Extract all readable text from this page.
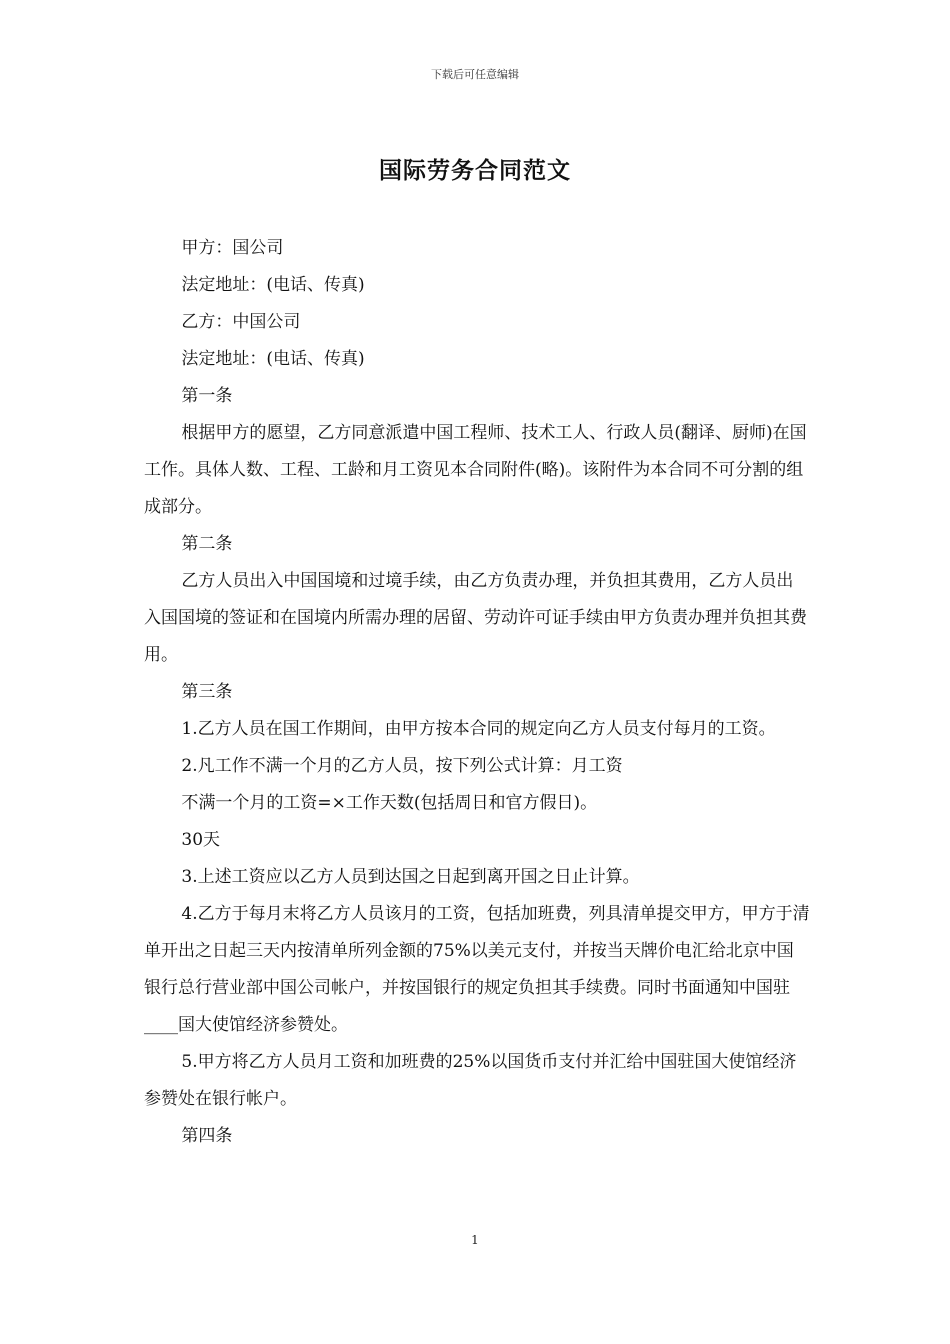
下载后可任意编辑
国际劳务合同范文

甲方：国公司

法定地址：(电话、传真)

乙方：中国公司

法定地址：(电话、传真)

第一条

根据甲方的愿望，乙方同意派遣中国工程师、技术工人、行政人员(翻译、厨师)在国工作。具体人数、工程、工龄和月工资见本合同附件(略)。该附件为本合同不可分割的组成部分。

第二条

乙方人员出入中国国境和过境手续，由乙方负责办理，并负担其费用，乙方人员出入国国境的签证和在国境内所需办理的居留、劳动许可证手续由甲方负责办理并负担其费用。

第三条

1.乙方人员在国工作期间，由甲方按本合同的规定向乙方人员支付每月的工资。

2.凡工作不满一个月的乙方人员，按下列公式计算：月工资

不满一个月的工资=×工作天数(包括周日和官方假日)。

30天

3.上述工资应以乙方人员到达国之日起到离开国之日止计算。

4.乙方于每月末将乙方人员该月的工资，包括加班费，列具清单提交甲方，甲方于清单开出之日起三天内按清单所列金额的75%以美元支付，并按当天牌价电汇给北京中国银行总行营业部中国公司帐户，并按国银行的规定负担其手续费。同时书面通知中国驻____国大使馆经济参赞处。

5.甲方将乙方人员月工资和加班费的25%以国货币支付并汇给中国驻国大使馆经济参赞处在银行帐户。

第四条

1
